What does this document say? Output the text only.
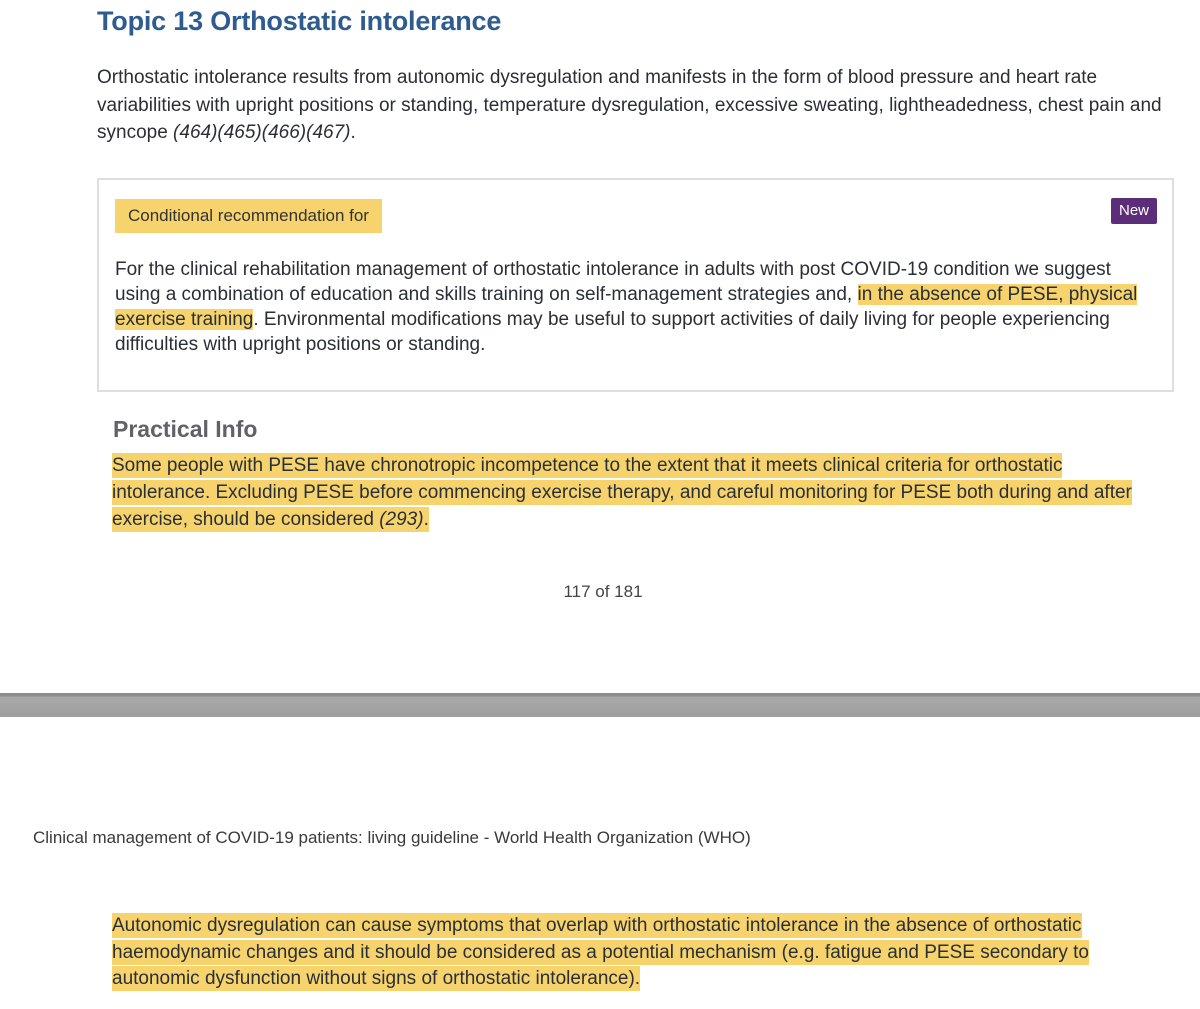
Topic 13 Orthostatic intolerance

Orthostatic intolerance results from autonomic dysregulation and manifests in the form of blood pressure and heart rate variabilities with upright positions or standing, temperature dysregulation, excessive sweating, lightheadedness, chest pain and syncope (464)(465)(466)(467).

Conditional recommendation for	New

For the clinical rehabilitation management of orthostatic intolerance in adults with post COVID-19 condition we suggest using a combination of education and skills training on self-management strategies and, in the absence of PESE, physical exercise training. Environmental modifications may be useful to support activities of daily living for people experiencing difficulties with upright positions or standing.

Practical Info

Some people with PESE have chronotropic incompetence to the extent that it meets clinical criteria for orthostatic intolerance. Excluding PESE before commencing exercise therapy, and careful monitoring for PESE both during and after exercise, should be considered (293).

117 of 181

Clinical management of COVID-19 patients: living guideline - World Health Organization (WHO)

Autonomic dysregulation can cause symptoms that overlap with orthostatic intolerance in the absence of orthostatic haemodynamic changes and it should be considered as a potential mechanism (e.g. fatigue and PESE secondary to autonomic dysfunction without signs of orthostatic intolerance).
